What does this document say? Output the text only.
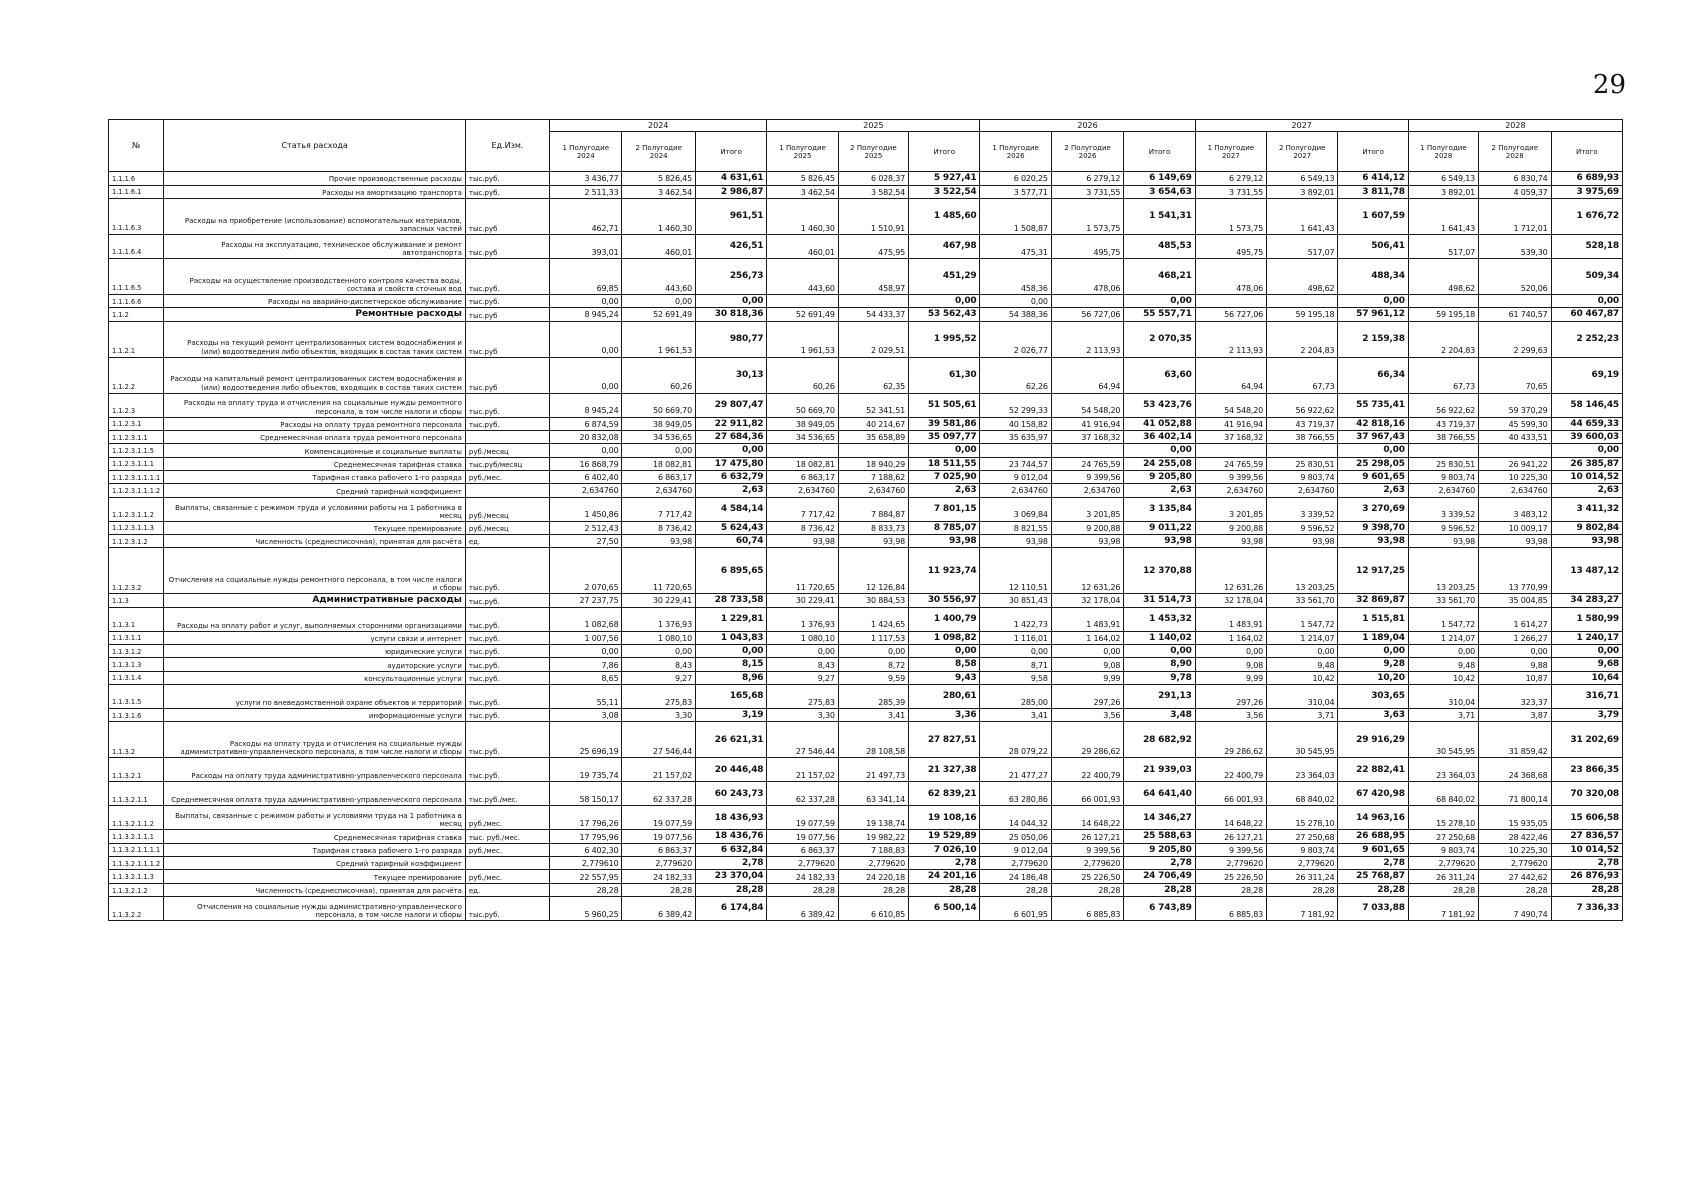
29
№	Статья расхода	Ед.Изм.	2024			2025			2026			2027			2028		
			1 Полугодие 2024	2 Полугодие 2024	Итого	1 Полугодие 2025	2 Полугодие 2025	Итого	1 Полугодие 2026	2 Полугодие 2026	Итого	1 Полугодие 2027	2 Полугодие 2027	Итого	1 Полугодие 2028	2 Полугодие 2028	Итого
1.1.1.6	Прочие производственные расходы	тыс.руб.	3 436,77	5 826,45	4 631,61	5 826,45	6 028,37	5 927,41	6 020,25	6 279,12	6 149,69	6 279,12	6 549,13	6 414,12	6 549,13	6 830,74	6 689,93
1.1.1.6.1	Расходы на амортизацию транспорта	тыс.руб.	2 511,33	3 462,54	2 986,87	3 462,54	3 582,54	3 522,54	3 577,71	3 731,55	3 654,63	3 731,55	3 892,01	3 811,78	3 892,01	4 059,37	3 975,69
1.1.1.6.3	Расходы на приобретение (использование) вспомогательных материалов, запасных частей	тыс.руб	462,71	1 460,30	961,51	1 460,30	1 510,91	1 485,60	1 508,87	1 573,75	1 541,31	1 573,75	1 641,43	1 607,59	1 641,43	1 712,01	1 676,72
1.1.1.6.4	Расходы на эксплуатацию, техническое обслуживание и ремонт автотранспорта	тыс.руб	393,01	460,01	426,51	460,01	475,95	467,98	475,31	495,75	485,53	495,75	517,07	506,41	517,07	539,30	528,18
1.1.1.6.5	Расходы на осуществление производственного контроля качества воды, состава и свойств сточных вод	тыс.руб.	69,85	443,60	256,73	443,60	458,97	451,29	458,36	478,06	468,21	478,06	498,62	488,34	498,62	520,06	509,34
1.1.1.6.6	Расходы на аварийно-диспетчерское обслуживание	тыс.руб.	0,00	0,00	0,00			0,00	0,00		0,00			0,00			0,00
1.1.2	Ремонтные расходы	тыс.руб	8 945,24	52 691,49	30 818,36	52 691,49	54 433,37	53 562,43	54 388,36	56 727,06	55 557,71	56 727,06	59 195,18	57 961,12	59 195,18	61 740,57	60 467,87
1.1.2.1	Расходы на текущий ремонт централизованных систем водоснабжения и (или) водоотведения либо объектов, входящих в состав таких систем	тыс.руб	0,00	1 961,53	980,77	1 961,53	2 029,51	1 995,52	2 026,77	2 113,93	2 070,35	2 113,93	2 204,83	2 159,38	2 204,83	2 299,63	2 252,23
1.1.2.2	Расходы на капитальный ремонт централизованных систем водоснабжения и (или) водоотведения либо объектов, входящих в состав таких систем	тыс.руб	0,00	60,26	30,13	60,26	62,35	61,30	62,26	64,94	63,60	64,94	67,73	66,34	67,73	70,65	69,19
1.1.2.3	Расходы на оплату труда и отчисления на социальные нужды ремонтного персонала, в том числе налоги и сборы	тыс.руб.	8 945,24	50 669,70	29 807,47	50 669,70	52 341,51	51 505,61	52 299,33	54 548,20	53 423,76	54 548,20	56 922,62	55 735,41	56 922,62	59 370,29	58 146,45
1.1.2.3.1	Расходы на оплату труда ремонтного персонала	тыс.руб.	6 874,59	38 949,05	22 911,82	38 949,05	40 214,67	39 581,86	40 158,82	41 916,94	41 052,88	41 916,94	43 719,37	42 818,16	43 719,37	45 599,30	44 659,33
1.1.2.3.1.1	Среднемесячная оплата труда ремонтного персонала		20 832,08	34 536,65	27 684,36	34 536,65	35 658,89	35 097,77	35 635,97	37 168,32	36 402,14	37 168,32	38 766,55	37 967,43	38 766,55	40 433,51	39 600,03
1.1.2.3.1.1.5	Компенсационные и социальные выплаты	руб./месяц	0,00	0,00	0,00			0,00			0,00			0,00			0,00
1.1.2.3.1.1.1	Среднемесячная тарифная ставка	тыс.руб/месяц	16 868,79	18 082,81	17 475,80	18 082,81	18 940,29	18 511,55	23 744,57	24 765,59	24 255,08	24 765,59	25 830,51	25 298,05	25 830,51	26 941,22	26 385,87
1.1.2.3.1.1.1.1	Тарифная ставка рабочего 1-го разряда	руб./мес.	6 402,40	6 863,17	6 632,79	6 863,17	7 188,62	7 025,90	9 012,04	9 399,56	9 205,80	9 399,56	9 803,74	9 601,65	9 803,74	10 225,30	10 014,52
1.1.2.3.1.1.1.2	Средний тарифный коэффициент		2,634760	2,634760	2,63	2,634760	2,634760	2,63	2,634760	2,634760	2,63	2,634760	2,634760	2,63	2,634760	2,634760	2,63
1.1.2.3.1.1.2	Выплаты, связанные с режимом труда и условиями работы на 1 работника в месяц	руб./месяц	1 450,86	7 717,42	4 584,14	7 717,42	7 884,87	7 801,15	3 069,84	3 201,85	3 135,84	3 201,85	3 339,52	3 270,69	3 339,52	3 483,12	3 411,32
1.1.2.3.1.1.3	Текущее премирование	руб./месяц	2 512,43	8 736,42	5 624,43	8 736,42	8 833,73	8 785,07	8 821,55	9 200,88	9 011,22	9 200,88	9 596,52	9 398,70	9 596,52	10 009,17	9 802,84
1.1.2.3.1.2	Численность (среднесписочная), принятая для расчёта	ед.	27,50	93,98	60,74	93,98	93,98	93,98	93,98	93,98	93,98	93,98	93,98	93,98	93,98	93,98	93,98
1.1.2.3.2	Отчисления на социальные нужды ремонтного персонала, в том числе налоги и сборы	тыс.руб.	2 070,65	11 720,65	6 895,65	11 720,65	12 126,84	11 923,74	12 110,51	12 631,26	12 370,88	12 631,26	13 203,25	12 917,25	13 203,25	13 770,99	13 487,12
1.1.3	Административные расходы	тыс.руб.	27 237,75	30 229,41	28 733,58	30 229,41	30 884,53	30 556,97	30 851,43	32 178,04	31 514,73	32 178,04	33 561,70	32 869,87	33 561,70	35 004,85	34 283,27
1.1.3.1	Расходы на оплату работ и услуг, выполняемых сторонними организациями	тыс.руб.	1 082,68	1 376,93	1 229,81	1 376,93	1 424,65	1 400,79	1 422,73	1 483,91	1 453,32	1 483,91	1 547,72	1 515,81	1 547,72	1 614,27	1 580,99
1.1.3.1.1	услуги связи и интернет	тыс.руб.	1 007,56	1 080,10	1 043,83	1 080,10	1 117,53	1 098,82	1 116,01	1 164,02	1 140,02	1 164,02	1 214,07	1 189,04	1 214,07	1 266,27	1 240,17
1.1.3.1.2	юридические услуги	тыс.руб.	0,00	0,00	0,00	0,00	0,00	0,00	0,00	0,00	0,00	0,00	0,00	0,00	0,00	0,00	0,00
1.1.3.1.3	аудиторские услуги	тыс.руб.	7,86	8,43	8,15	8,43	8,72	8,58	8,71	9,08	8,90	9,08	9,48	9,28	9,48	9,88	9,68
1.1.3.1.4	консультационные услуги	тыс.руб.	8,65	9,27	8,96	9,27	9,59	9,43	9,58	9,99	9,78	9,99	10,42	10,20	10,42	10,87	10,64
1.1.3.1.5	услуги по вневедомственной охране объектов и территорий	тыс.руб.	55,11	275,83	165,68	275,83	285,39	280,61	285,00	297,26	291,13	297,26	310,04	303,65	310,04	323,37	316,71
1.1.3.1.6	информационные услуги	тыс.руб.	3,08	3,30	3,19	3,30	3,41	3,36	3,41	3,56	3,48	3,56	3,71	3,63	3,71	3,87	3,79
1.1.3.2	Расходы на оплату труда и отчисления на социальные нужды административно-управленческого персонала, в том числе налоги и сборы	тыс.руб.	25 696,19	27 546,44	26 621,31	27 546,44	28 108,58	27 827,51	28 079,22	29 286,62	28 682,92	29 286,62	30 545,95	29 916,29	30 545,95	31 859,42	31 202,69
1.1.3.2.1	Расходы на оплату труда административно-управленческого персонала	тыс.руб.	19 735,74	21 157,02	20 446,48	21 157,02	21 497,73	21 327,38	21 477,27	22 400,79	21 939,03	22 400,79	23 364,03	22 882,41	23 364,03	24 368,68	23 866,35
1.1.3.2.1.1	Среднемесячная оплата труда административно-управленческого персонала	тыс.руб./мес.	58 150,17	62 337,28	60 243,73	62 337,28	63 341,14	62 839,21	63 280,86	66 001,93	64 641,40	66 001,93	68 840,02	67 420,98	68 840,02	71 800,14	70 320,08
1.1.3.2.1.1.2	Выплаты, связанные с режимом работы и условиями труда на 1 работника в месяц	руб./мес.	17 796,26	19 077,59	18 436,93	19 077,59	19 138,74	19 108,16	14 044,32	14 648,22	14 346,27	14 648,22	15 278,10	14 963,16	15 278,10	15 935,05	15 606,58
1.1.3.2.1.1.1	Среднемесячная тарифная ставка	тыс. руб./мес.	17 795,96	19 077,56	18 436,76	19 077,56	19 982,22	19 529,89	25 050,06	26 127,21	25 588,63	26 127,21	27 250,68	26 688,95	27 250,68	28 422,46	27 836,57
1.1.3.2.1.1.1.1	Тарифная ставка рабочего 1-го разряда	руб./мес.	6 402,30	6 863,37	6 632,84	6 863,37	7 188,83	7 026,10	9 012,04	9 399,56	9 205,80	9 399,56	9 803,74	9 601,65	9 803,74	10 225,30	10 014,52
1.1.3.2.1.1.1.2	Средний тарифный коэффициент		2,779610	2,779620	2,78	2,779620	2,779620	2,78	2,779620	2,779620	2,78	2,779620	2,779620	2,78	2,779620	2,779620	2,78
1.1.3.2.1.1.3	Текущее премирование	руб./мес.	22 557,95	24 182,33	23 370,04	24 182,33	24 220,18	24 201,16	24 186,48	25 226,50	24 706,49	25 226,50	26 311,24	25 768,87	26 311,24	27 442,62	26 876,93
1.1.3.2.1.2	Численность (среднесписочная), принятая для расчёта	ед.	28,28	28,28	28,28	28,28	28,28	28,28	28,28	28,28	28,28	28,28	28,28	28,28	28,28	28,28	28,28
1.1.3.2.2	Отчисления на социальные нужды административно-управленческого персонала, в том числе налоги и сборы	тыс.руб.	5 960,25	6 389,42	6 174,84	6 389,42	6 610,85	6 500,14	6 601,95	6 885,83	6 743,89	6 885,83	7 181,92	7 033,88	7 181,92	7 490,74	7 336,33
